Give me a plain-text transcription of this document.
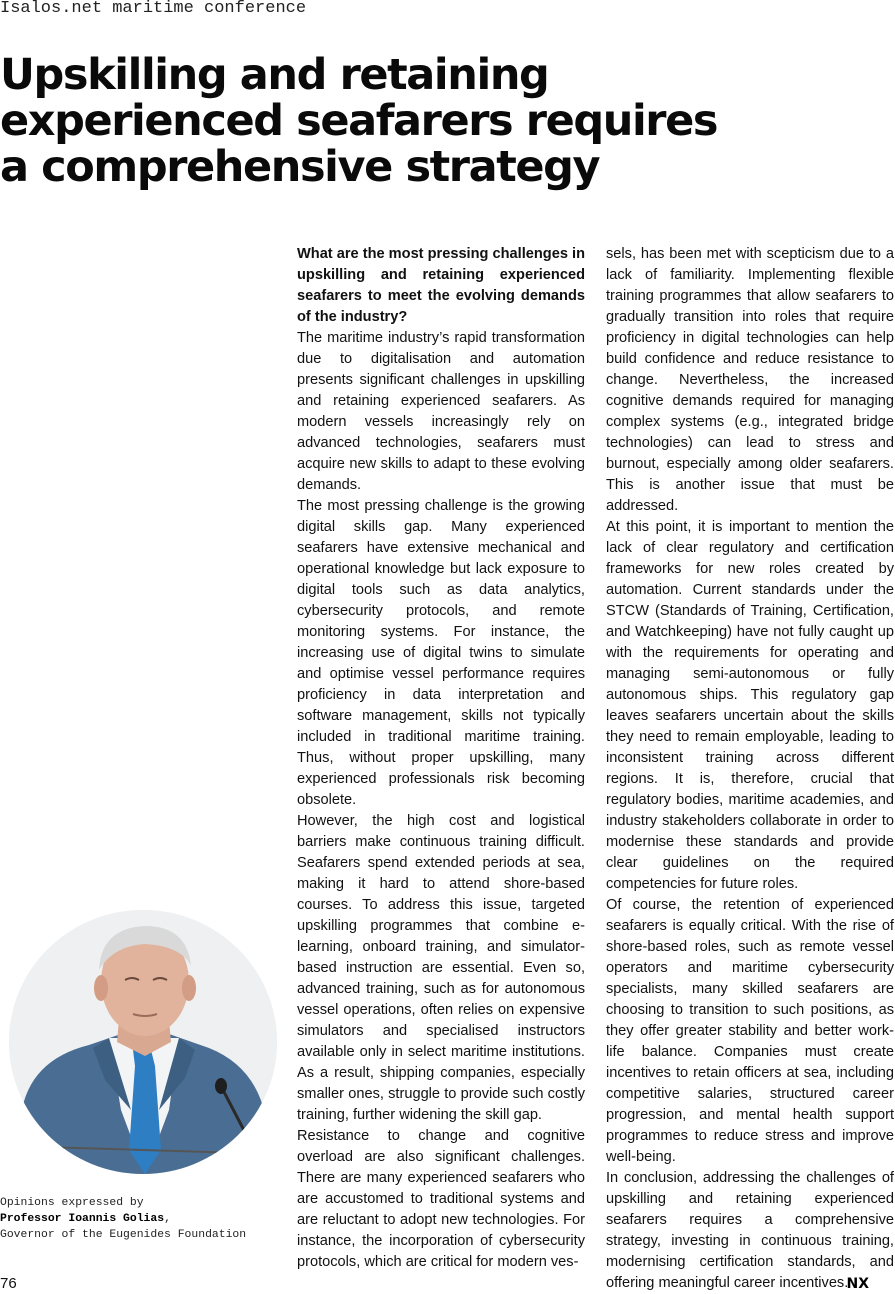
Isalos.net maritime conference
Upskilling and retaining
experienced seafarers requires
a comprehensive strategy

What are the most pressing challenges in upskilling and retaining experienced seafarers to meet the evolving demands of the industry?

The maritime industry’s rapid transformation due to digitalisation and automation presents significant challenges in upskilling and retaining experienced seafarers. As modern vessels increasingly rely on advanced technologies, seafarers must acquire new skills to adapt to these evolving demands.

The most pressing challenge is the growing digital skills gap. Many experienced seafarers have extensive mechanical and operational knowledge but lack exposure to digital tools such as data analytics, cybersecurity protocols, and remote monitoring systems. For instance, the increasing use of digital twins to simulate and optimise vessel performance requires proficiency in data interpretation and software management, skills not typically included in traditional maritime training. Thus, without proper upskilling, many experienced professionals risk becoming obsolete.

However, the high cost and logistical barriers make continuous training difficult. Seafarers spend extended periods at sea, making it hard to attend shore-based courses. To address this issue, targeted upskilling programmes that combine e-learning, onboard training, and simulator-based instruction are essential. Even so, advanced training, such as for autonomous vessel operations, often relies on expensive simulators and specialised instructors available only in select maritime institutions. As a result, shipping companies, especially smaller ones, struggle to provide such costly training, further widening the skill gap.

Resistance to change and cognitive overload are also significant challenges. There are many experienced seafarers who are accustomed to traditional systems and are reluctant to adopt new technologies. For instance, the incorporation of cybersecurity protocols, which are critical for modern ves-

sels, has been met with scepticism due to a lack of familiarity. Implementing flexible training programmes that allow seafarers to gradually transition into roles that require proficiency in digital technologies can help build confidence and reduce resistance to change. Nevertheless, the increased cognitive demands required for managing complex systems (e.g., integrated bridge technologies) can lead to stress and burnout, especially among older seafarers. This is another issue that must be addressed.

At this point, it is important to mention the lack of clear regulatory and certification frameworks for new roles created by automation. Current standards under the STCW (Standards of Training, Certification, and Watchkeeping) have not fully caught up with the requirements for operating and managing semi-autonomous or fully autonomous ships. This regulatory gap leaves seafarers uncertain about the skills they need to remain employable, leading to inconsistent training across different regions. It is, therefore, crucial that regulatory bodies, maritime academies, and industry stakeholders collaborate in order to modernise these standards and provide clear guidelines on the required competencies for future roles.

Of course, the retention of experienced seafarers is equally critical. With the rise of shore-based roles, such as remote vessel operators and maritime cybersecurity specialists, many skilled seafarers are choosing to transition to such positions, as they offer greater stability and better work-life balance. Companies must create incentives to retain officers at sea, including competitive salaries, structured career progression, and mental health support programmes to reduce stress and improve well-being.

In conclusion, addressing the challenges of upskilling and retaining experienced seafarers requires a comprehensive strategy, investing in continuous training, modernising certification standards, and offering meaningful career incentives.

Opinions expressed by
Professor Ioannis Golias,
Governor of the Eugenides Foundation
76	NX
